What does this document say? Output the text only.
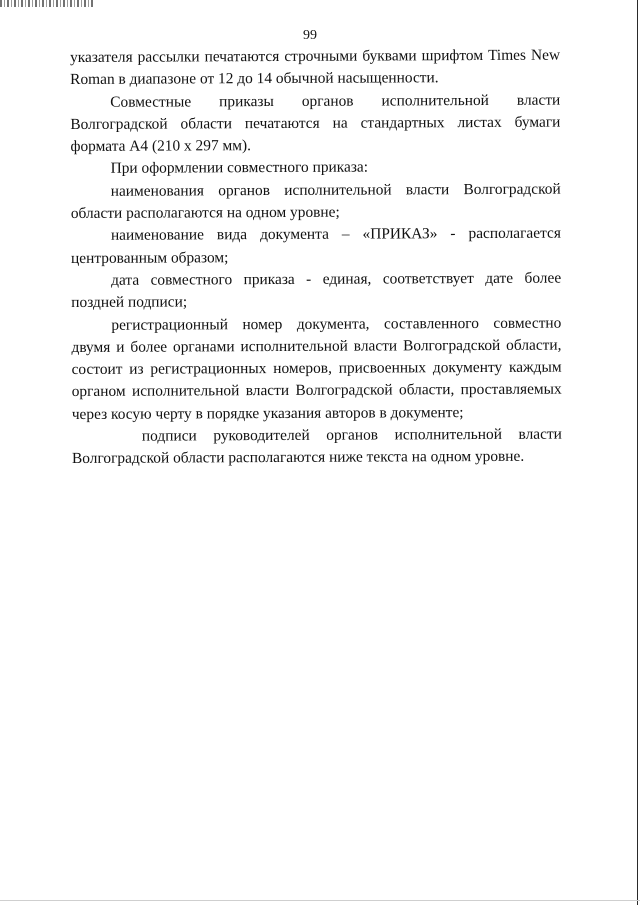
99

указателя рассылки печатаются строчными буквами шрифтом Times New Roman в диапазоне от 12 до 14 обычной насыщенности.

Совместные приказы органов исполнительной власти Волгоградской области печатаются на стандартных листах бумаги формата А4 (210 х 297 мм).

При оформлении совместного приказа:

наименования органов исполнительной власти Волгоградской области располагаются на одном уровне;

наименование вида документа – «ПРИКАЗ» - располагается центрованным образом;

дата совместного приказа - единая, соответствует дате более поздней подписи;

регистрационный номер документа, составленного совместно двумя и более органами исполнительной власти Волгоградской области, состоит из регистрационных номеров, присвоенных документу каждым органом исполнительной власти Волгоградской области, проставляемых через косую черту в порядке указания авторов в документе;

подписи руководителей органов исполнительной власти Волгоградской области располагаются ниже текста на одном уровне.
